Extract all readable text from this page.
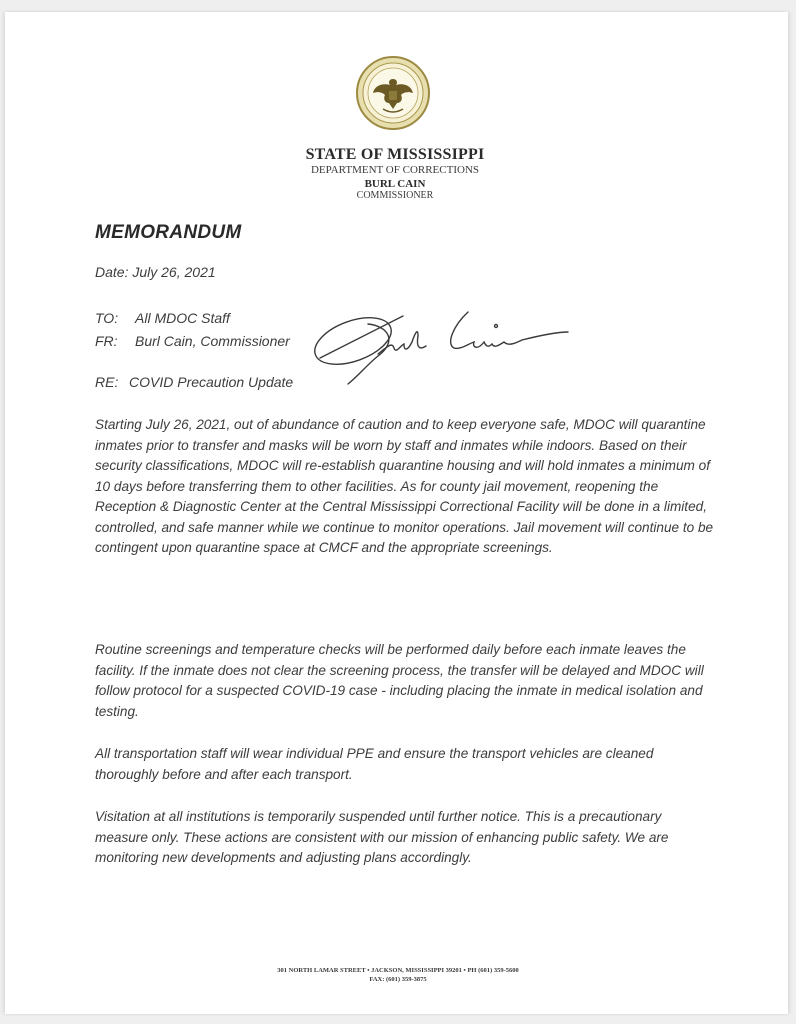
STATE OF MISSISSIPPI
DEPARTMENT OF CORRECTIONS
BURL CAIN
COMMISSIONER
MEMORANDUM
Date: July 26, 2021
TO: All MDOC Staff
FR: Burl Cain, Commissioner
RE: COVID Precaution Update
Starting July 26, 2021, out of abundance of caution and to keep everyone safe, MDOC will quarantine inmates prior to transfer and masks will be worn by staff and inmates while indoors. Based on their security classifications, MDOC will re-establish quarantine housing and will hold inmates a minimum of 10 days before transferring them to other facilities. As for county jail movement, reopening the Reception & Diagnostic Center at the Central Mississippi Correctional Facility will be done in a limited, controlled, and safe manner while we continue to monitor operations. Jail movement will continue to be contingent upon quarantine space at CMCF and the appropriate screenings.
Routine screenings and temperature checks will be performed daily before each inmate leaves the facility. If the inmate does not clear the screening process, the transfer will be delayed and MDOC will follow protocol for a suspected COVID-19 case - including placing the inmate in medical isolation and testing.
All transportation staff will wear individual PPE and ensure the transport vehicles are cleaned thoroughly before and after each transport.
Visitation at all institutions is temporarily suspended until further notice. This is a precautionary measure only. These actions are consistent with our mission of enhancing public safety. We are monitoring new developments and adjusting plans accordingly.
301 NORTH LAMAR STREET • JACKSON, MISSISSIPPI 39201 • PH (601) 359-5600
FAX: (601) 359-3875
